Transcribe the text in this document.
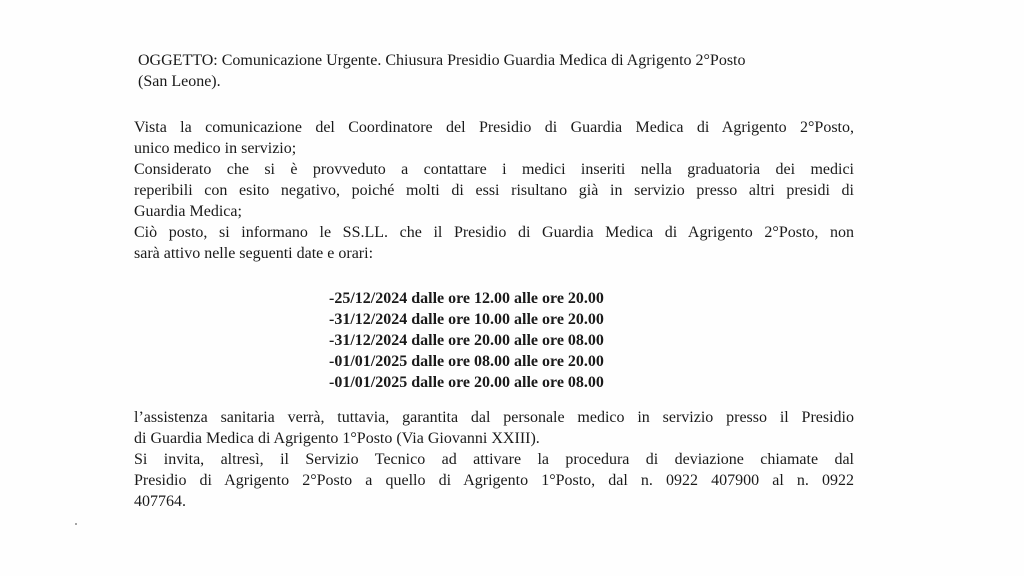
OGGETTO: Comunicazione Urgente. Chiusura Presidio Guardia Medica di Agrigento 2°Posto
(San Leone).
Vista la comunicazione del Coordinatore del Presidio di Guardia Medica di Agrigento 2°Posto,
unico medico in servizio;
Considerato che si è provveduto a contattare i medici inseriti nella graduatoria dei medici
reperibili con esito negativo, poiché molti di essi risultano già in servizio presso altri presidi di
Guardia Medica;
Ciò posto, si informano le SS.LL. che il Presidio di Guardia Medica di Agrigento 2°Posto, non
sarà attivo nelle seguenti date e orari:
-25/12/2024 dalle ore 12.00 alle ore 20.00
-31/12/2024 dalle ore 10.00 alle ore 20.00
-31/12/2024 dalle ore 20.00 alle ore 08.00
-01/01/2025 dalle ore 08.00 alle ore 20.00
-01/01/2025 dalle ore 20.00 alle ore 08.00
l’assistenza sanitaria verrà, tuttavia, garantita dal personale medico in servizio presso il Presidio
di Guardia Medica di Agrigento 1°Posto (Via Giovanni XXIII).
Si invita, altresì, il Servizio Tecnico ad attivare la procedura di deviazione chiamate dal
Presidio di Agrigento 2°Posto a quello di Agrigento 1°Posto, dal n. 0922 407900 al n. 0922
407764.
